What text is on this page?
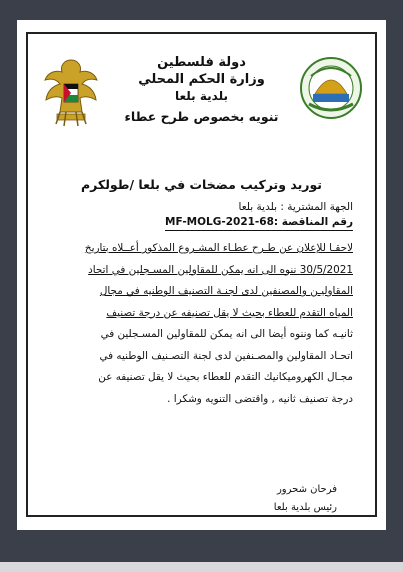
دولة فلسطين
وزارة الحكم المحلي
بلدية بلعا
تنويه بخصوص طرح عطاء
توريد وتركيب مضخات في بلعا /طولكرم
الجهة المشترية : بلدية بلعا
رقم المناقصة :MF-MOLG-2021-68
لاحقـا للإعلان عن طـرح عطـاء المشـروع المذكور أعــلاه بتاريخ
30/5/2021 ننوه الى انه يمكن للمقاولين المسـجلين في اتحاد
المقاوليـن والمصنفين لدى لجنـة التصنيف الوطنيه في مجال
المياه التقدم للعطاء بحيث لا يقل تصنيفه عن درجة تصنيف
ثانيـه كما وننوه أيضا الى انه يمكن للمقاولين المسـجلين في
اتحـاد المقاولين والمصـنفين لدى لجنة التصـنيف الوطنيه في
مجـال الكهروميكانيك التقدم للعطاء بحيث لا يقل تصنيفه عن
درجة تصنيف ثانيه , واقتضى التنويه وشكرا .
فرحان شحرور
رئيس بلدية بلعا
